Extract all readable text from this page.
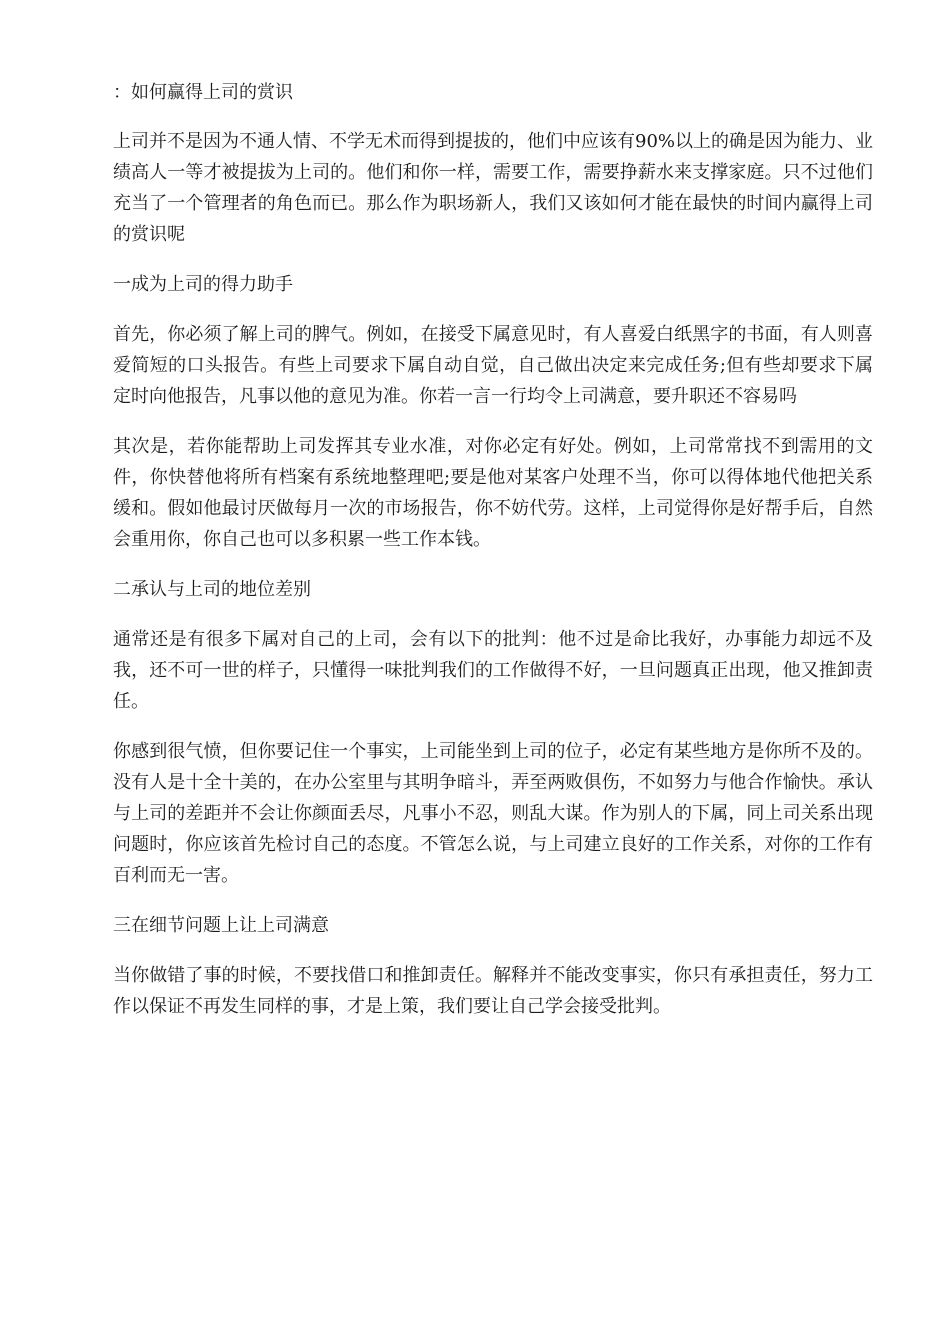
：如何赢得上司的赏识

上司并不是因为不通人情、不学无术而得到提拔的，他们中应该有90%以上的确是因为能力、业绩高人一等才被提拔为上司的。他们和你一样，需要工作，需要挣薪水来支撑家庭。只不过他们充当了一个管理者的角色而已。那么作为职场新人，我们又该如何才能在最快的时间内赢得上司的赏识呢

一成为上司的得力助手

首先，你必须了解上司的脾气。例如，在接受下属意见时，有人喜爱白纸黑字的书面，有人则喜爱简短的口头报告。有些上司要求下属自动自觉，自己做出决定来完成任务;但有些却要求下属定时向他报告，凡事以他的意见为准。你若一言一行均令上司满意，要升职还不容易吗

其次是，若你能帮助上司发挥其专业水准，对你必定有好处。例如，上司常常找不到需用的文件，你快替他将所有档案有系统地整理吧;要是他对某客户处理不当，你可以得体地代他把关系缓和。假如他最讨厌做每月一次的市场报告，你不妨代劳。这样，上司觉得你是好帮手后，自然会重用你，你自己也可以多积累一些工作本钱。

二承认与上司的地位差别

通常还是有很多下属对自己的上司，会有以下的批判：他不过是命比我好，办事能力却远不及我，还不可一世的样子，只懂得一味批判我们的工作做得不好，一旦问题真正出现，他又推卸责任。

你感到很气愤，但你要记住一个事实，上司能坐到上司的位子，必定有某些地方是你所不及的。没有人是十全十美的，在办公室里与其明争暗斗，弄至两败俱伤，不如努力与他合作愉快。承认与上司的差距并不会让你颜面丢尽，凡事小不忍，则乱大谋。作为别人的下属，同上司关系出现问题时，你应该首先检讨自己的态度。不管怎么说，与上司建立良好的工作关系，对你的工作有百利而无一害。

三在细节问题上让上司满意

当你做错了事的时候，不要找借口和推卸责任。解释并不能改变事实，你只有承担责任，努力工作以保证不再发生同样的事，才是上策，我们要让自己学会接受批判。
